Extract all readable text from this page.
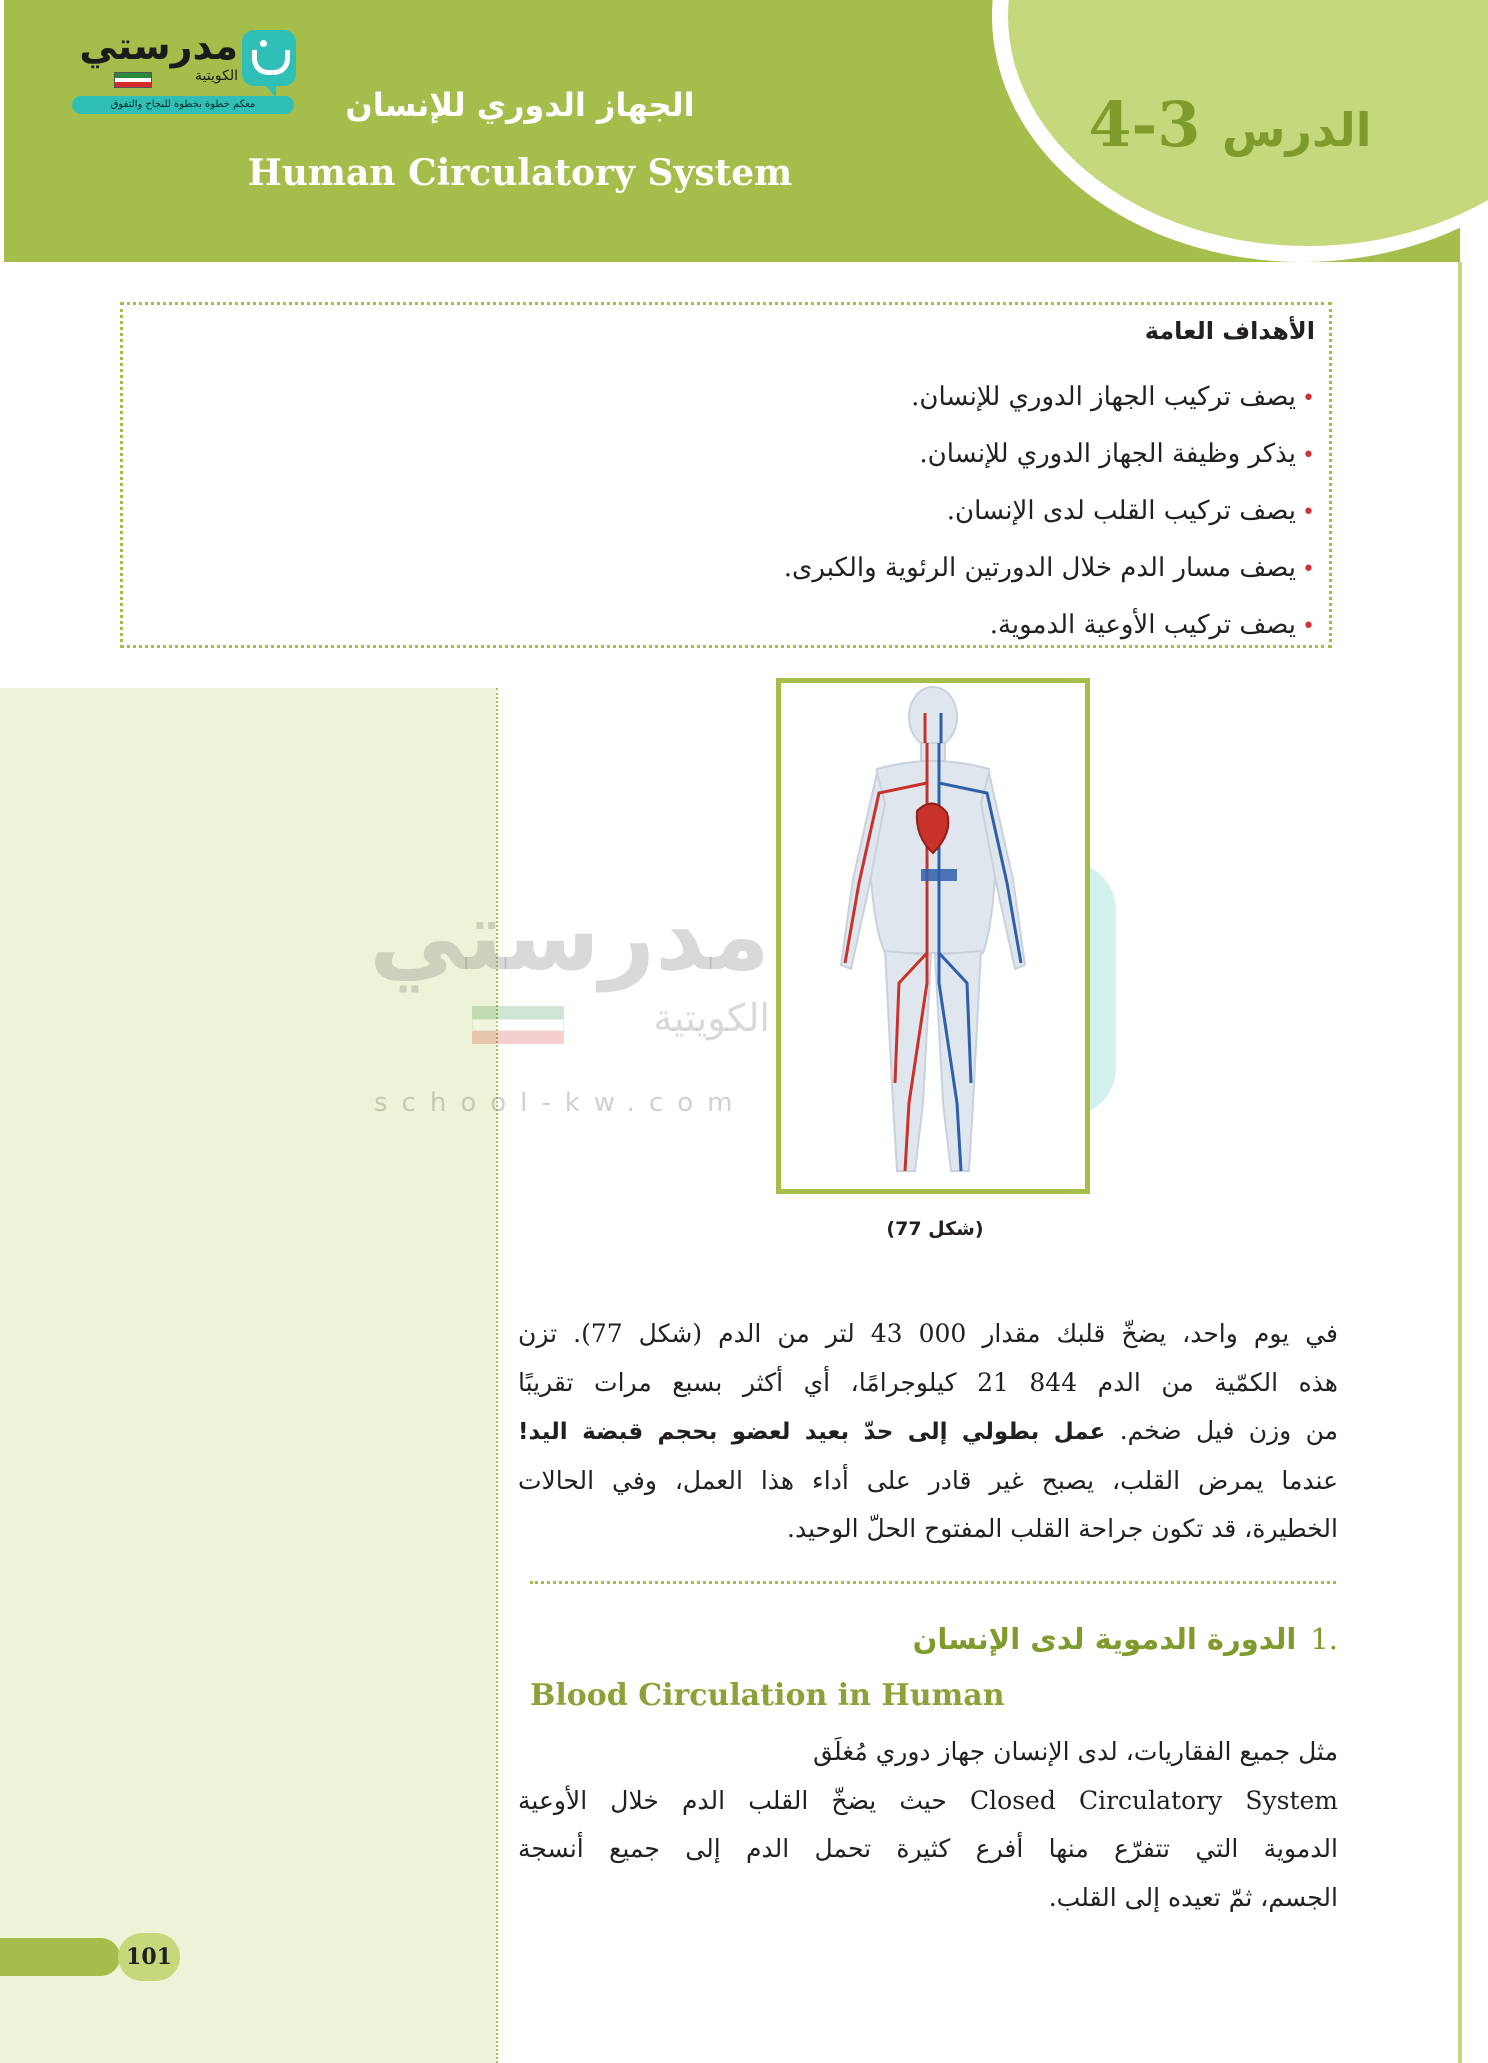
الدرس 4-3
الجهاز الدوري للإنسان
Human Circulatory System
مدرستي
الكويتية
معكم خطوة بخطوة للنجاح والتفوق
الأهداف العامة
•يصف تركيب الجهاز الدوري للإنسان.
•يذكر وظيفة الجهاز الدوري للإنسان.
•يصف تركيب القلب لدى الإنسان.
•يصف مسار الدم خلال الدورتين الرئوية والكبرى.
•يصف تركيب الأوعية الدموية.
مدرستي
الكويتية
school-kw.com
(شكل 77)

في يوم واحد، يضخّ قلبك مقدار 000 43 لتر من الدم (شكل 77). تزن

هذه الكمّية من الدم 844 21 كيلوجرامًا، أي أكثر بسبع مرات تقريبًا

من وزن فيل ضخم. عمل بطولي إلى حدّ بعيد لعضو بحجم قبضة اليد!

عندما يمرض القلب، يصبح غير قادر على أداء هذا العمل، وفي الحالات

الخطيرة، قد تكون جراحة القلب المفتوح الحلّ الوحيد.

1.الدورة الدموية لدى الإنسان
Blood Circulation in Human

مثل جميع الفقاريات، لدى الإنسان جهاز دوري مُغلَق

Closed Circulatory System حيث يضخّ القلب الدم خلال الأوعية

الدموية التي تتفرّع منها أفرع كثيرة تحمل الدم إلى جميع أنسجة

الجسم، ثمّ تعيده إلى القلب.

101
